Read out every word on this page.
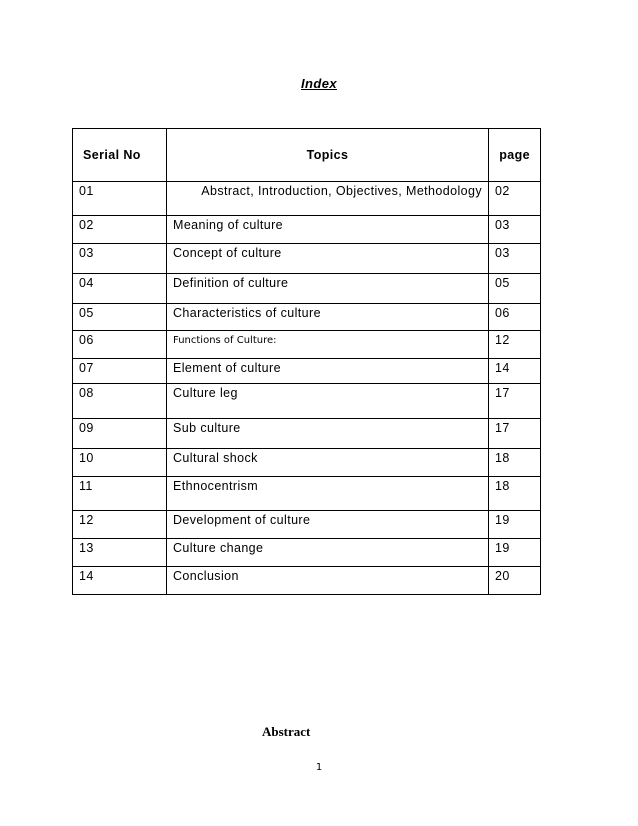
Index
Serial No	Topics	page
01	Abstract, Introduction, Objectives, Methodology	02
02	Meaning of culture	03
03	Concept of culture	03
04	Definition of culture	05
05	Characteristics of culture	06
06	Functions of Culture:	12
07	Element of culture	14
08	Culture leg	17
09	Sub culture	17
10	Cultural shock	18
11	Ethnocentrism	18
12	Development of culture	19
13	Culture change	19
14	Conclusion	20
Abstract
1
